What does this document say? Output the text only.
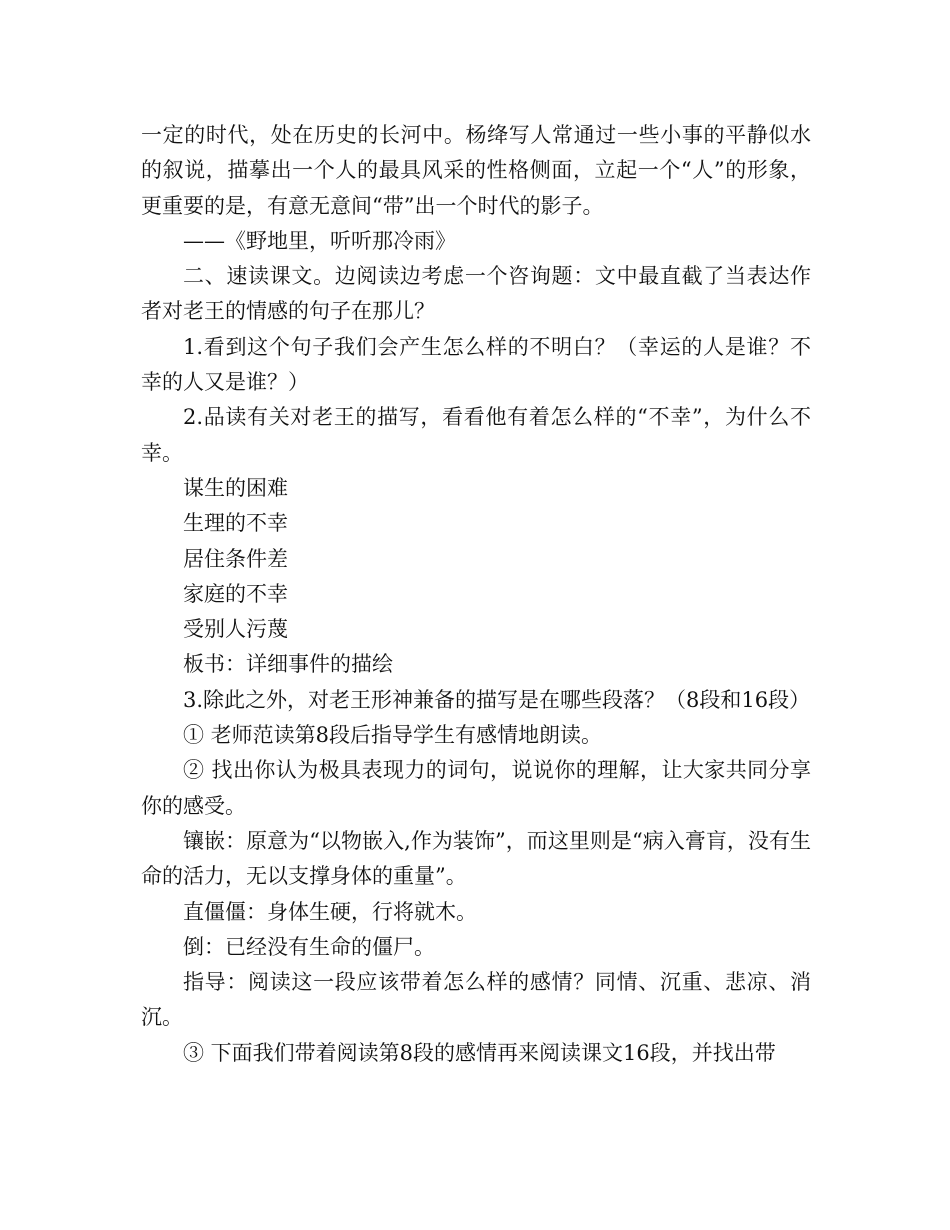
一定的时代，处在历史的长河中。杨绛写人常通过一些小事的平静似水的叙说，描摹出一个人的最具风采的性格侧面，立起一个“人”的形象，更重要的是，有意无意间“带”出一个时代的影子。

——《野地里，听听那冷雨》

二、速读课文。边阅读边考虑一个咨询题：文中最直截了当表达作者对老王的情感的句子在那儿？

1.看到这个句子我们会产生怎么样的不明白？（幸运的人是谁？不幸的人又是谁？）

2.品读有关对老王的描写，看看他有着怎么样的“不幸”，为什么不幸。

谋生的困难

生理的不幸

居住条件差

家庭的不幸

受别人污蔑

板书：详细事件的描绘

3.除此之外，对老王形神兼备的描写是在哪些段落？（8段和16段）

① 老师范读第8段后指导学生有感情地朗读。

② 找出你认为极具表现力的词句，说说你的理解，让大家共同分享你的感受。

镶嵌：原意为“以物嵌入,作为装饰”，而这里则是“病入膏肓，没有生命的活力，无以支撑身体的重量”。

直僵僵：身体生硬，行将就木。

倒：已经没有生命的僵尸。

指导：阅读这一段应该带着怎么样的感情？同情、沉重、悲凉、消沉。

③ 下面我们带着阅读第8段的感情再来阅读课文16段，并找出带
